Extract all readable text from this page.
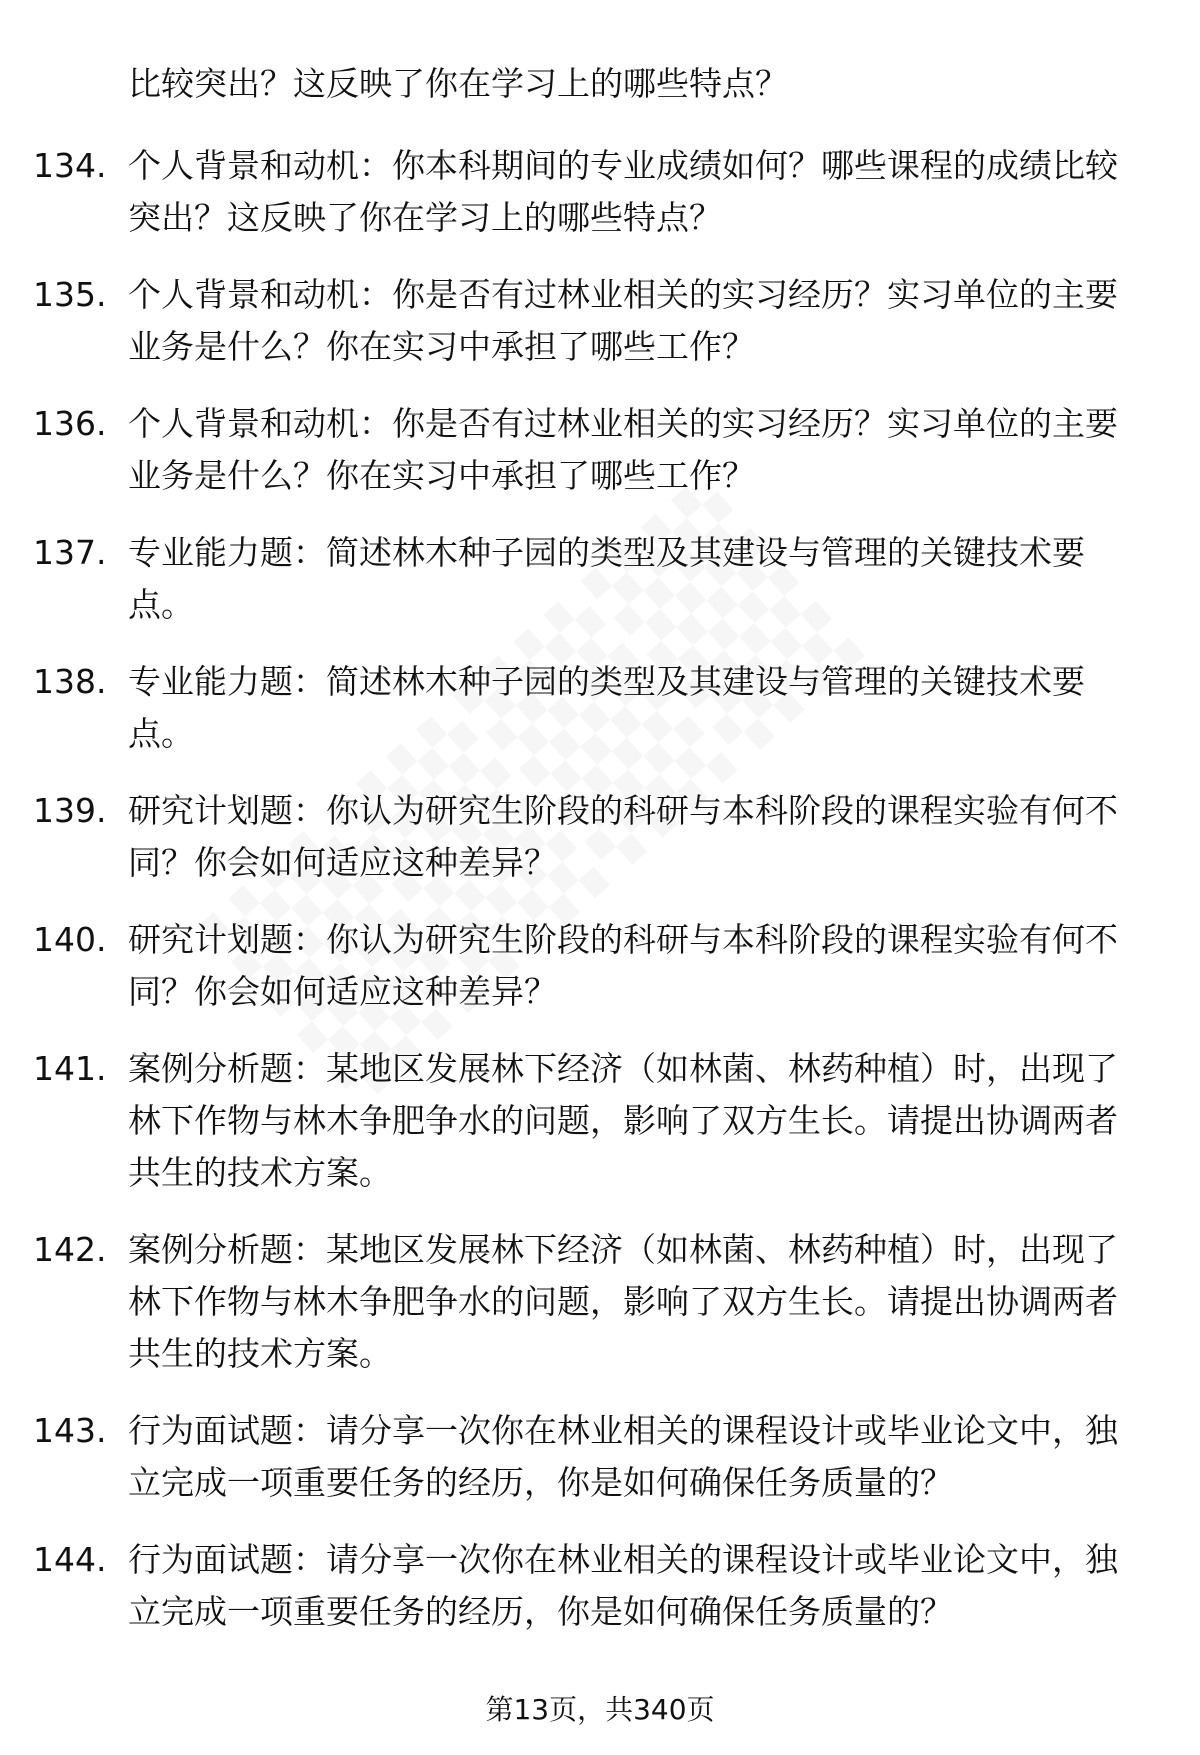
比较突出？这反映了你在学习上的哪些特点？
134. 个人背景和动机：你本科期间的专业成绩如何？哪些课程的成绩比较突出？这反映了你在学习上的哪些特点？
135. 个人背景和动机：你是否有过林业相关的实习经历？实习单位的主要业务是什么？你在实习中承担了哪些工作？
136. 个人背景和动机：你是否有过林业相关的实习经历？实习单位的主要业务是什么？你在实习中承担了哪些工作？
137. 专业能力题：简述林木种子园的类型及其建设与管理的关键技术要点。
138. 专业能力题：简述林木种子园的类型及其建设与管理的关键技术要点。
139. 研究计划题：你认为研究生阶段的科研与本科阶段的课程实验有何不同？你会如何适应这种差异？
140. 研究计划题：你认为研究生阶段的科研与本科阶段的课程实验有何不同？你会如何适应这种差异？
141. 案例分析题：某地区发展林下经济（如林菌、林药种植）时，出现了林下作物与林木争肥争水的问题，影响了双方生长。请提出协调两者共生的技术方案。
142. 案例分析题：某地区发展林下经济（如林菌、林药种植）时，出现了林下作物与林木争肥争水的问题，影响了双方生长。请提出协调两者共生的技术方案。
143. 行为面试题：请分享一次你在林业相关的课程设计或毕业论文中，独立完成一项重要任务的经历，你是如何确保任务质量的？
144. 行为面试题：请分享一次你在林业相关的课程设计或毕业论文中，独立完成一项重要任务的经历，你是如何确保任务质量的？
第13页，共340页
